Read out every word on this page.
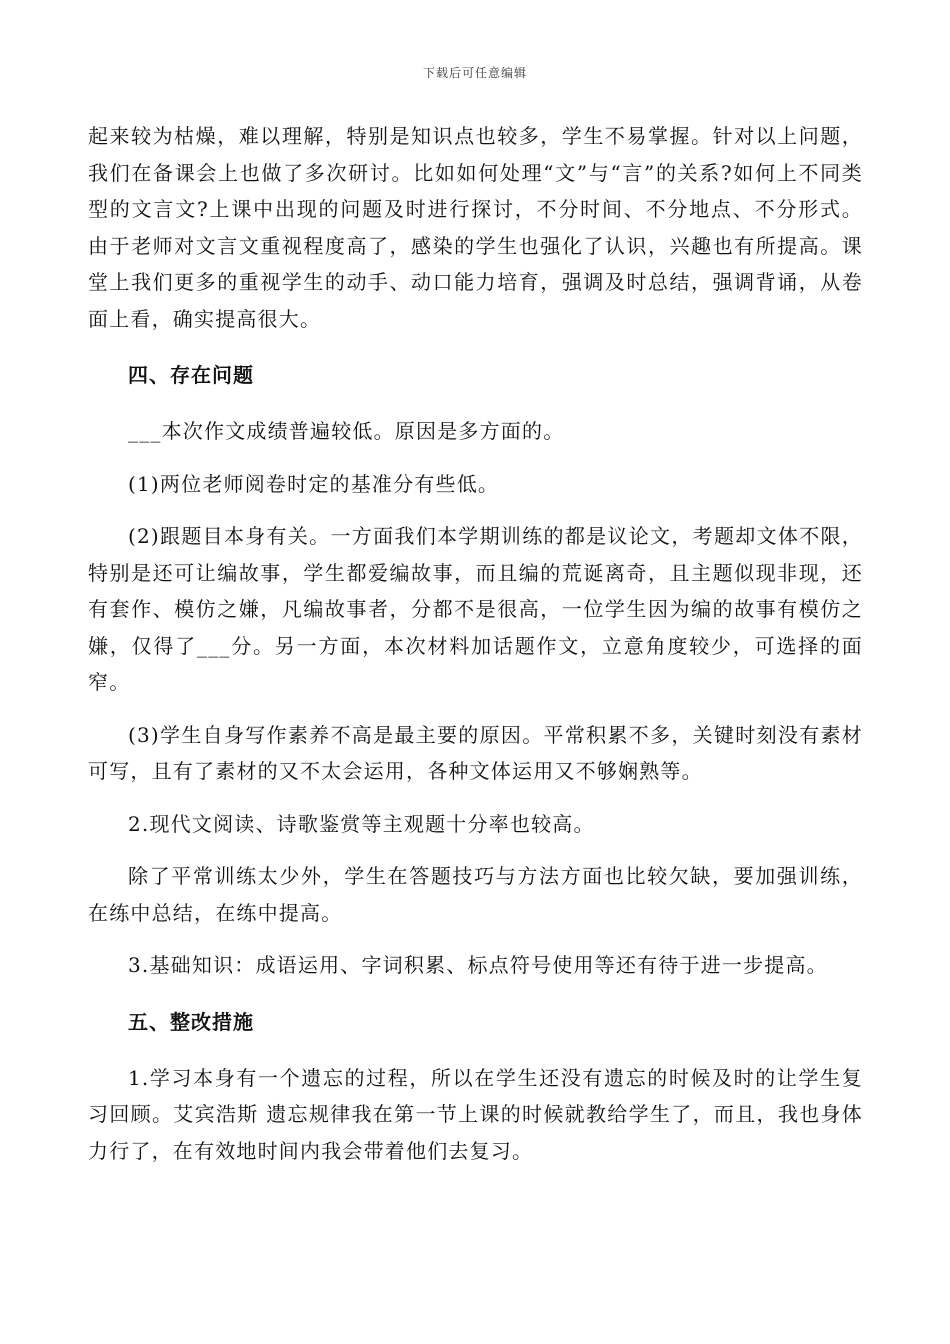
下载后可任意编辑

起来较为枯燥，难以理解，特别是知识点也较多，学生不易掌握。针对以上问题，我们在备课会上也做了多次研讨。比如如何处理“文”与“言”的关系?如何上不同类型的文言文?上课中出现的问题及时进行探讨，不分时间、不分地点、不分形式。由于老师对文言文重视程度高了，感染的学生也强化了认识，兴趣也有所提高。课堂上我们更多的重视学生的动手、动口能力培育，强调及时总结，强调背诵，从卷面上看，确实提高很大。

四、存在问题

___本次作文成绩普遍较低。原因是多方面的。

(1)两位老师阅卷时定的基准分有些低。

(2)跟题目本身有关。一方面我们本学期训练的都是议论文，考题却文体不限，特别是还可让编故事，学生都爱编故事，而且编的荒诞离奇，且主题似现非现，还有套作、模仿之嫌，凡编故事者，分都不是很高，一位学生因为编的故事有模仿之嫌，仅得了___分。另一方面，本次材料加话题作文，立意角度较少，可选择的面窄。

(3)学生自身写作素养不高是最主要的原因。平常积累不多，关键时刻没有素材可写，且有了素材的又不太会运用，各种文体运用又不够娴熟等。

2.现代文阅读、诗歌鉴赏等主观题十分率也较高。

除了平常训练太少外，学生在答题技巧与方法方面也比较欠缺，要加强训练，在练中总结，在练中提高。

3.基础知识：成语运用、字词积累、标点符号使用等还有待于进一步提高。

五、整改措施

1.学习本身有一个遗忘的过程，所以在学生还没有遗忘的时候及时的让学生复习回顾。艾宾浩斯 遗忘规律我在第一节上课的时候就教给学生了，而且，我也身体力行了，在有效地时间内我会带着他们去复习。
